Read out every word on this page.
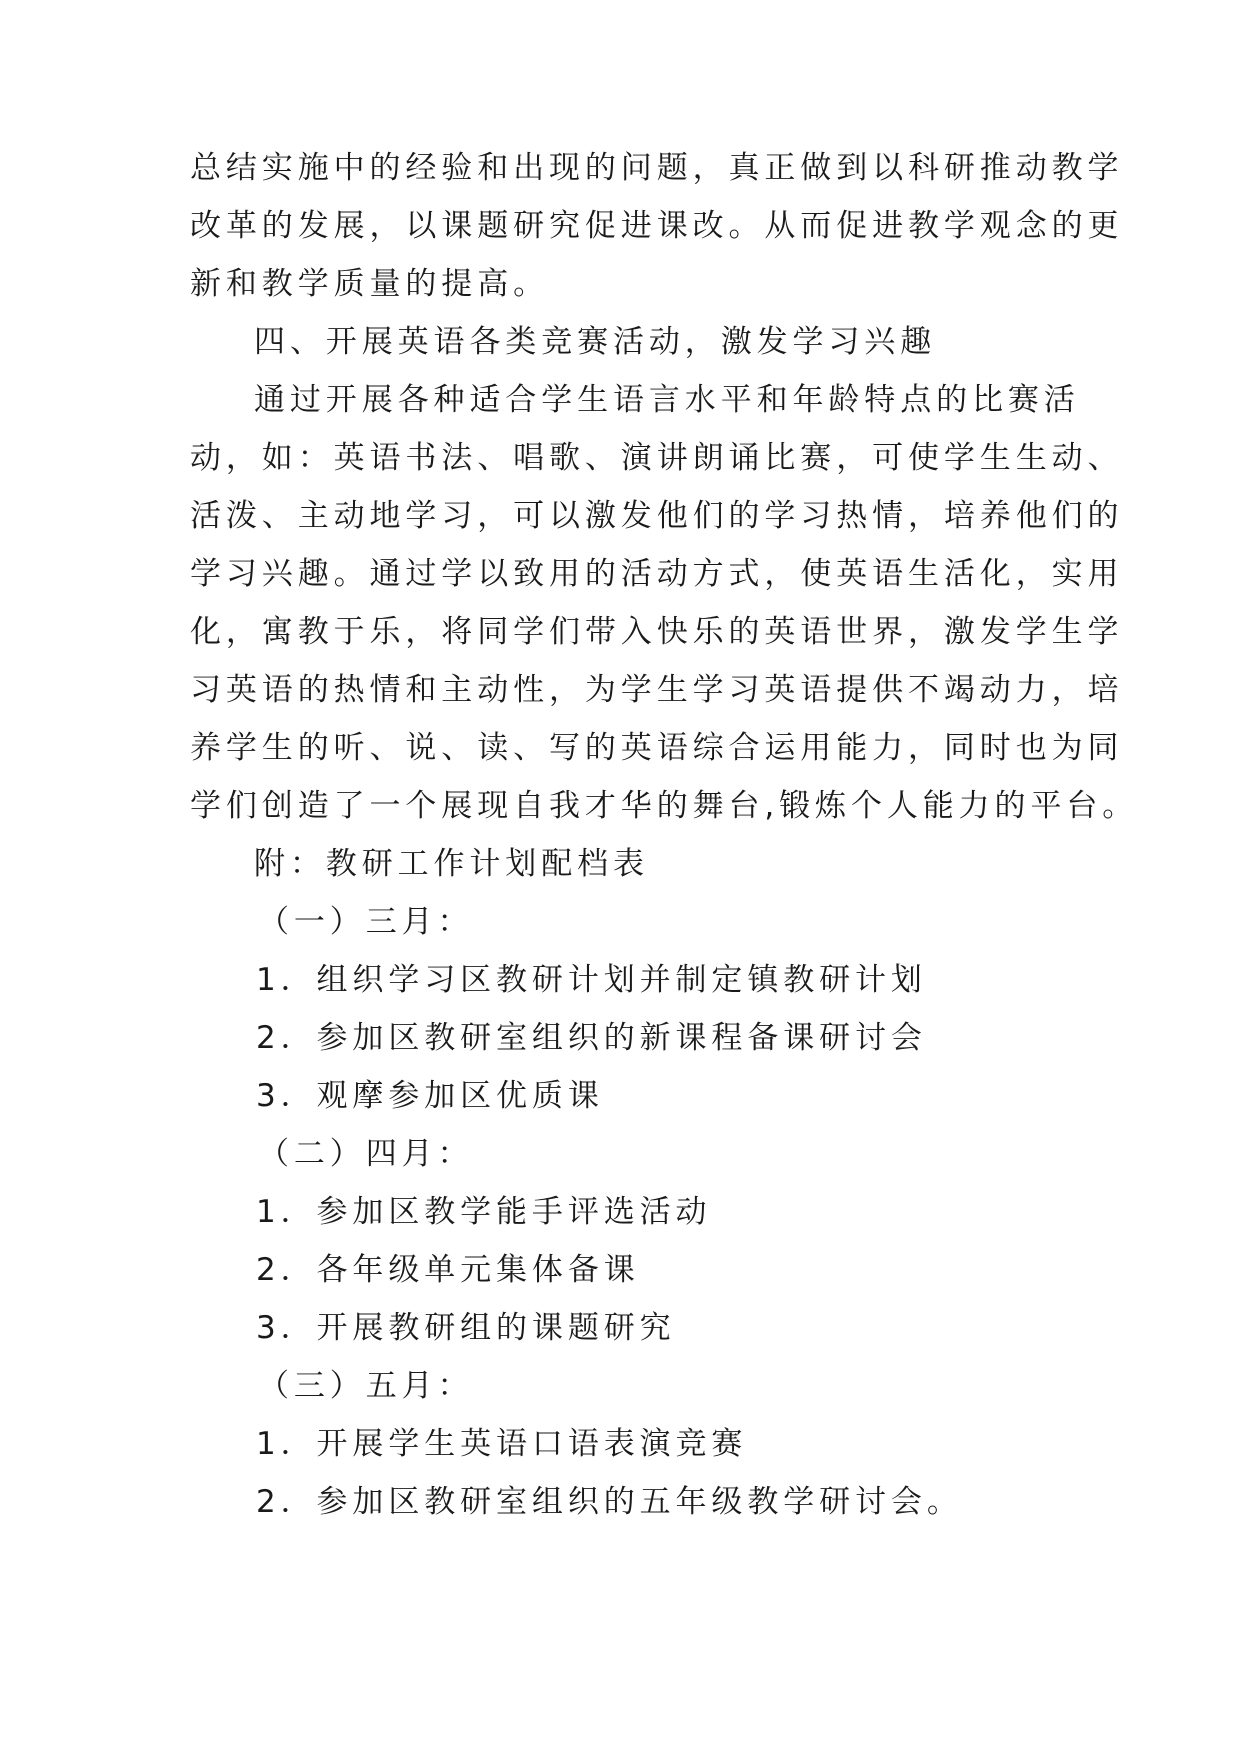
总结实施中的经验和出现的问题，真正做到以科研推动教学
改革的发展，以课题研究促进课改。从而促进教学观念的更
新和教学质量的提高。
四、开展英语各类竞赛活动，激发学习兴趣
通过开展各种适合学生语言水平和年龄特点的比赛活
动，如：英语书法、唱歌、演讲朗诵比赛，可使学生生动、
活泼、主动地学习，可以激发他们的学习热情，培养他们的
学习兴趣。通过学以致用的活动方式，使英语生活化，实用
化，寓教于乐，将同学们带入快乐的英语世界，激发学生学
习英语的热情和主动性，为学生学习英语提供不竭动力，培
养学生的听、说、读、写的英语综合运用能力，同时也为同
学们创造了一个展现自我才华的舞台,锻炼个人能力的平台。
附：教研工作计划配档表
（一）三月：
1．组织学习区教研计划并制定镇教研计划
2．参加区教研室组织的新课程备课研讨会
3．观摩参加区优质课
（二）四月：
1．参加区教学能手评选活动
2．各年级单元集体备课
3．开展教研组的课题研究
（三）五月：
1．开展学生英语口语表演竞赛
2．参加区教研室组织的五年级教学研讨会。
